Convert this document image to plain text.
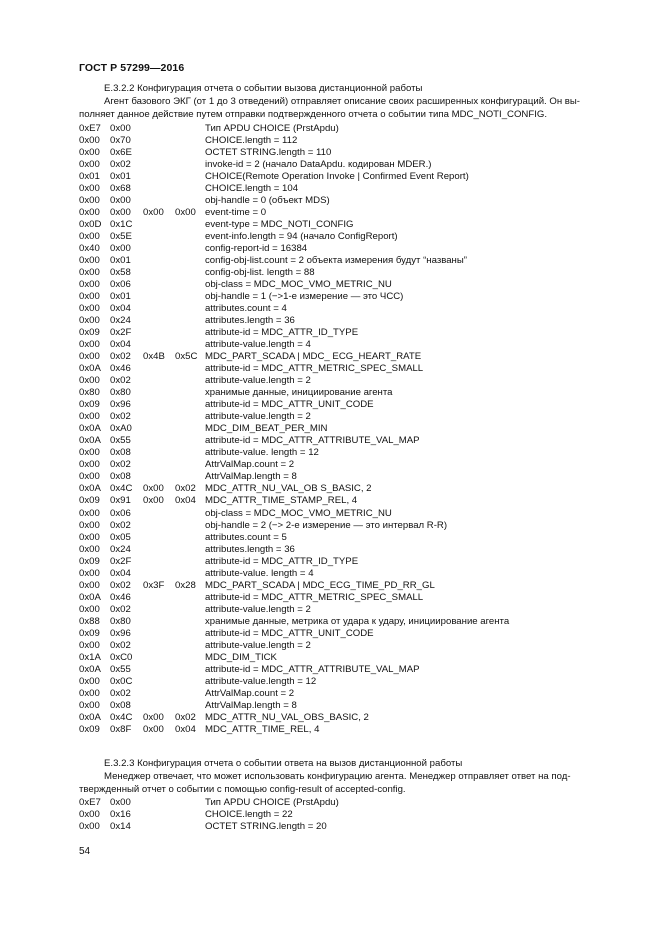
ГОСТ Р 57299—2016
Е.3.2.2 Конфигурация отчета о событии вызова дистанционной работы
Агент базового ЭКГ (от 1 до 3 отведений) отправляет описание своих расширенных конфигураций. Он вы-
полняет данное действие путем отправки подтвержденного отчета о событии типа MDC_NOTI_CONFIG.
0xE7 0x00	Тип APDU CHOICE (PrstApdu)
0x00 0x70	CHOICE.length = 112
0x00 0x6E	OCTET STRING.length = 110
0x00 0x02	invoke-id = 2 (начало DataApdu. кодирован MDER.)
0x01 0x01	CHOICE(Remote Operation Invoke | Confirmed Event Report)
0x00 0x68	CHOICE.length = 104
0x00 0x00	obj-handle = 0 (объект MDS)
0x00 0x00 0x00 0x00 event-time = 0
0x0D 0x1C	event-type = MDC_NOTI_CONFIG
0x00 0x5E	event-info.length = 94 (начало ConfigReport)
0x40 0x00	config-report-id = 16384
0x00 0x01	config-obj-list.count = 2 объекта измерения будут “названы”
0x00 0x58	config-obj-list. length = 88
0x00 0x06	obj-class = MDC_MOC_VMO_METRIC_NU
0x00 0x01	obj-handle = 1 (−>1-е измерение — это ЧСС)
0x00 0x04	attributes.count = 4
0x00 0x24	attributes.length = 36
0x09 0x2F	attribute-id = MDC_ATTR_ID_TYPE
0x00 0x04	attribute-value.length = 4
0x00 0x02 0x4B 0x5C MDC_PART_SCADA | MDC_ ECG_HEART_RATE
0x0A 0x46	attribute-id = MDC_ATTR_METRIC_SPEC_SMALL
0x00 0x02	attribute-value.length = 2
0x80 0x80	хранимые данные, инициирование агента
0x09 0x96	attribute-id = MDC_ATTR_UNIT_CODE
0x00 0x02	attribute-value.length = 2
0x0A 0xA0	MDC_DIM_BEAT_PER_MIN
0x0A 0x55	attribute-id = MDC_ATTR_ATTRIBUTE_VAL_MAP
0x00 0x08	attribute-value. length = 12
0x00 0x02	AttrValMap.count = 2
0x00 0x08	AttrValMap.length = 8
0x0A 0x4C 0x00 0x02 MDC_ATTR_NU_VAL_OB S_BASIC, 2
0x09 0x91 0x00 0x04 MDC_ATTR_TIME_STAMP_REL, 4
0x00 0x06	obj-class = MDC_MOC_VMO_METRIC_NU
0x00 0x02	obj-handle = 2 (−> 2-е измерение — это интервал R-R)
0x00 0x05	attributes.count = 5
0x00 0x24	attributes.length = 36
0x09 0x2F	attribute-id = MDC_ATTR_ID_TYPE
0x00 0x04	attribute-value. length = 4
0x00 0x02 0x3F 0x28 MDC_PART_SCADA | MDC_ECG_TIME_PD_RR_GL
0x0A 0x46	attribute-id = MDC_ATTR_METRIC_SPEC_SMALL
0x00 0x02	attribute-value.length = 2
0x88 0x80	хранимые данные, метрика от удара к удару, инициирование агента
0x09 0x96	attribute-id = MDC_ATTR_UNIT_CODE
0x00 0x02	attribute-value.length = 2
0x1A 0xC0	MDC_DIM_TICK
0x0A 0x55	attribute-id = MDC_ATTR_ATTRIBUTE_VAL_MAP
0x00 0x0C	attribute-value.length = 12
0x00 0x02	AttrValMap.count = 2
0x00 0x08	AttrValMap.length = 8
0x0A 0x4C 0x00 0x02 MDC_ATTR_NU_VAL_OBS_BASIC, 2
0x09 0x8F 0x00 0x04 MDC_ATTR_TIME_REL, 4
Е.3.2.3 Конфигурация отчета о событии ответа на вызов дистанционной работы
Менеджер отвечает, что может использовать конфигурацию агента. Менеджер отправляет ответ на под-
твержденный отчет о событии с помощью config-result of accepted-config.
0xE7 0x00	Тип APDU CHOICE (PrstApdu)
0x00 0x16	CHOICE.length = 22
0x00 0x14	OCTET STRING.length = 20
54
